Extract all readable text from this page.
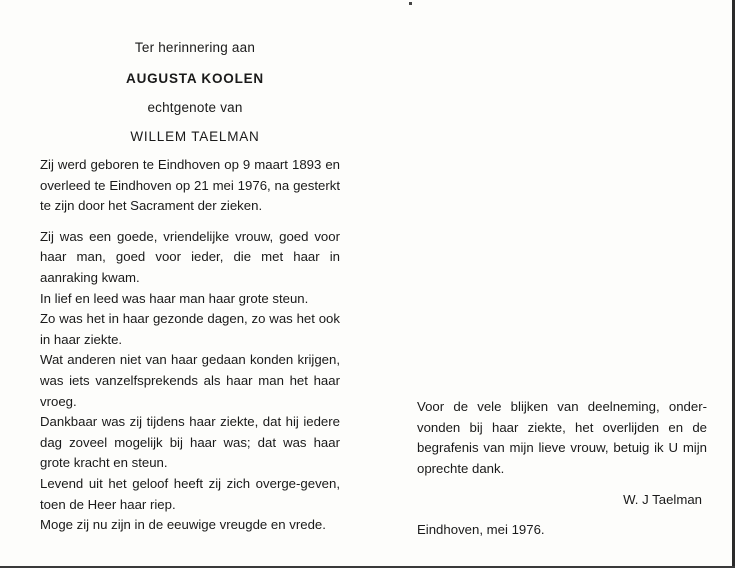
Ter herinnering aan

AUGUSTA KOOLEN

echtgenote van

WILLEM TAELMAN

Zij werd geboren te Eindhoven op 9 maart 1893 en overleed te Eindhoven op 21 mei 1976, na gesterkt te zijn door het Sacrament der zieken.

Zij was een goede, vriendelijke vrouw, goed voor haar man, goed voor ieder, die met haar in aanraking kwam.

In lief en leed was haar man haar grote steun.

Zo was het in haar gezonde dagen, zo was het ook in haar ziekte.

Wat anderen niet van haar gedaan konden krijgen, was iets vanzelfsprekends als haar man het haar vroeg.

Dankbaar was zij tijdens haar ziekte, dat hij iedere dag zoveel mogelijk bij haar was; dat was haar grote kracht en steun.

Levend uit het geloof heeft zij zich overge-geven, toen de Heer haar riep.

Moge zij nu zijn in de eeuwige vreugde en vrede.

Voor de vele blijken van deelneming, onder-vonden bij haar ziekte, het overlijden en de begrafenis van mijn lieve vrouw, betuig ik U mijn oprechte dank.

W. J Taelman
Eindhoven, mei 1976.
